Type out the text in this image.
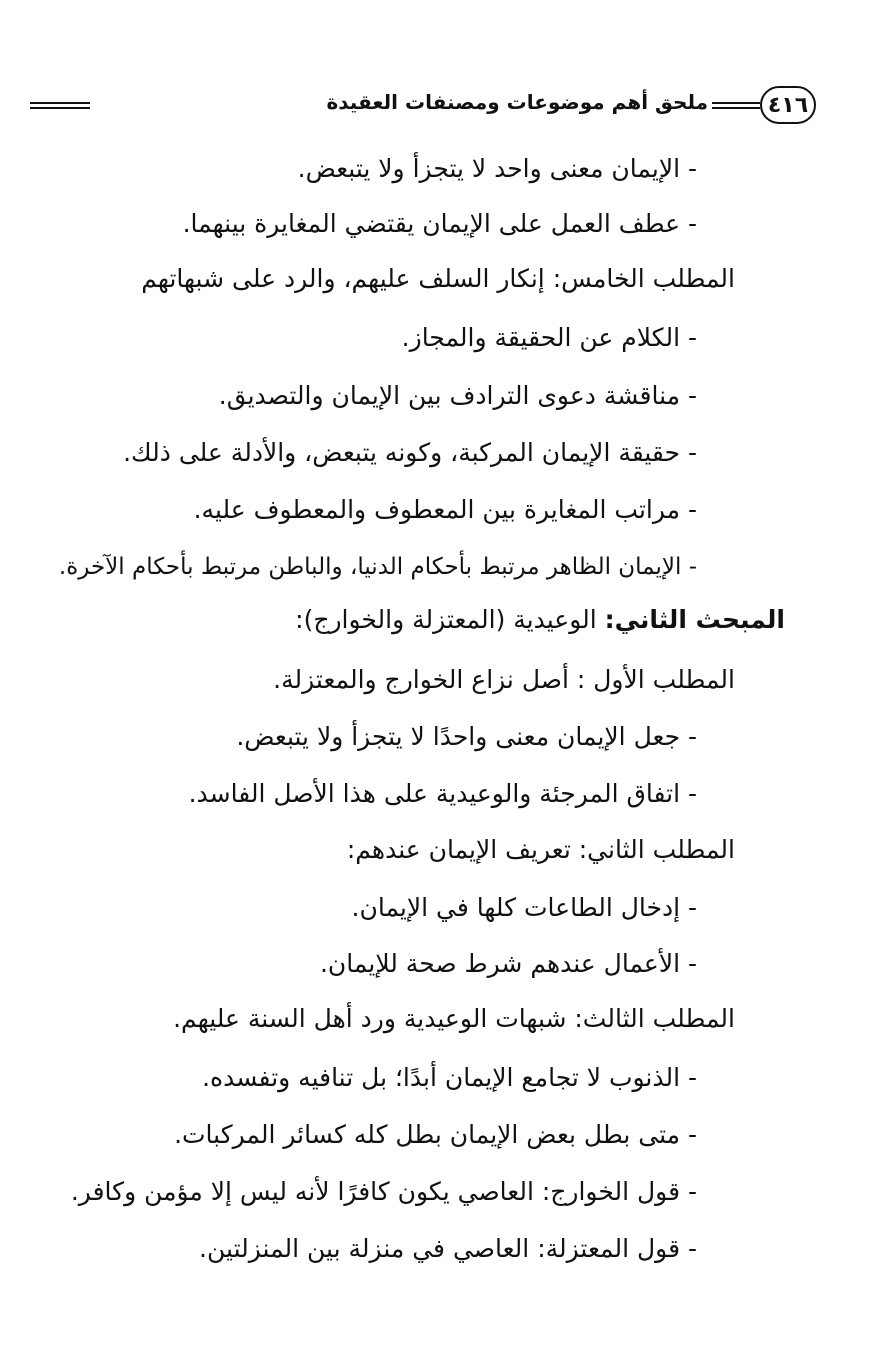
ملحق أهم موضوعات ومصنفات العقيدة	٤١٦
- الإيمان معنى واحد لا يتجزأ ولا يتبعض.
- عطف العمل على الإيمان يقتضي المغايرة بينهما.
المطلب الخامس: إنكار السلف عليهم، والرد على شبهاتهم
- الكلام عن الحقيقة والمجاز.
- مناقشة دعوى الترادف بين الإيمان والتصديق.
- حقيقة الإيمان المركبة، وكونه يتبعض، والأدلة على ذلك.
- مراتب المغايرة بين المعطوف والمعطوف عليه.
- الإيمان الظاهر مرتبط بأحكام الدنيا، والباطن مرتبط بأحكام الآخرة.
المبحث الثاني: الوعيدية (المعتزلة والخوارج):
المطلب الأول : أصل نزاع الخوارج والمعتزلة.
- جعل الإيمان معنى واحدًا لا يتجزأ ولا يتبعض.
- اتفاق المرجئة والوعيدية على هذا الأصل الفاسد.
المطلب الثاني: تعريف الإيمان عندهم:
- إدخال الطاعات كلها في الإيمان.
- الأعمال عندهم شرط صحة للإيمان.
المطلب الثالث: شبهات الوعيدية ورد أهل السنة عليهم.
- الذنوب لا تجامع الإيمان أبدًا؛ بل تنافيه وتفسده.
- متى بطل بعض الإيمان بطل كله كسائر المركبات.
- قول الخوارج: العاصي يكون كافرًا لأنه ليس إلا مؤمن وكافر.
- قول المعتزلة: العاصي في منزلة بين المنزلتين.
